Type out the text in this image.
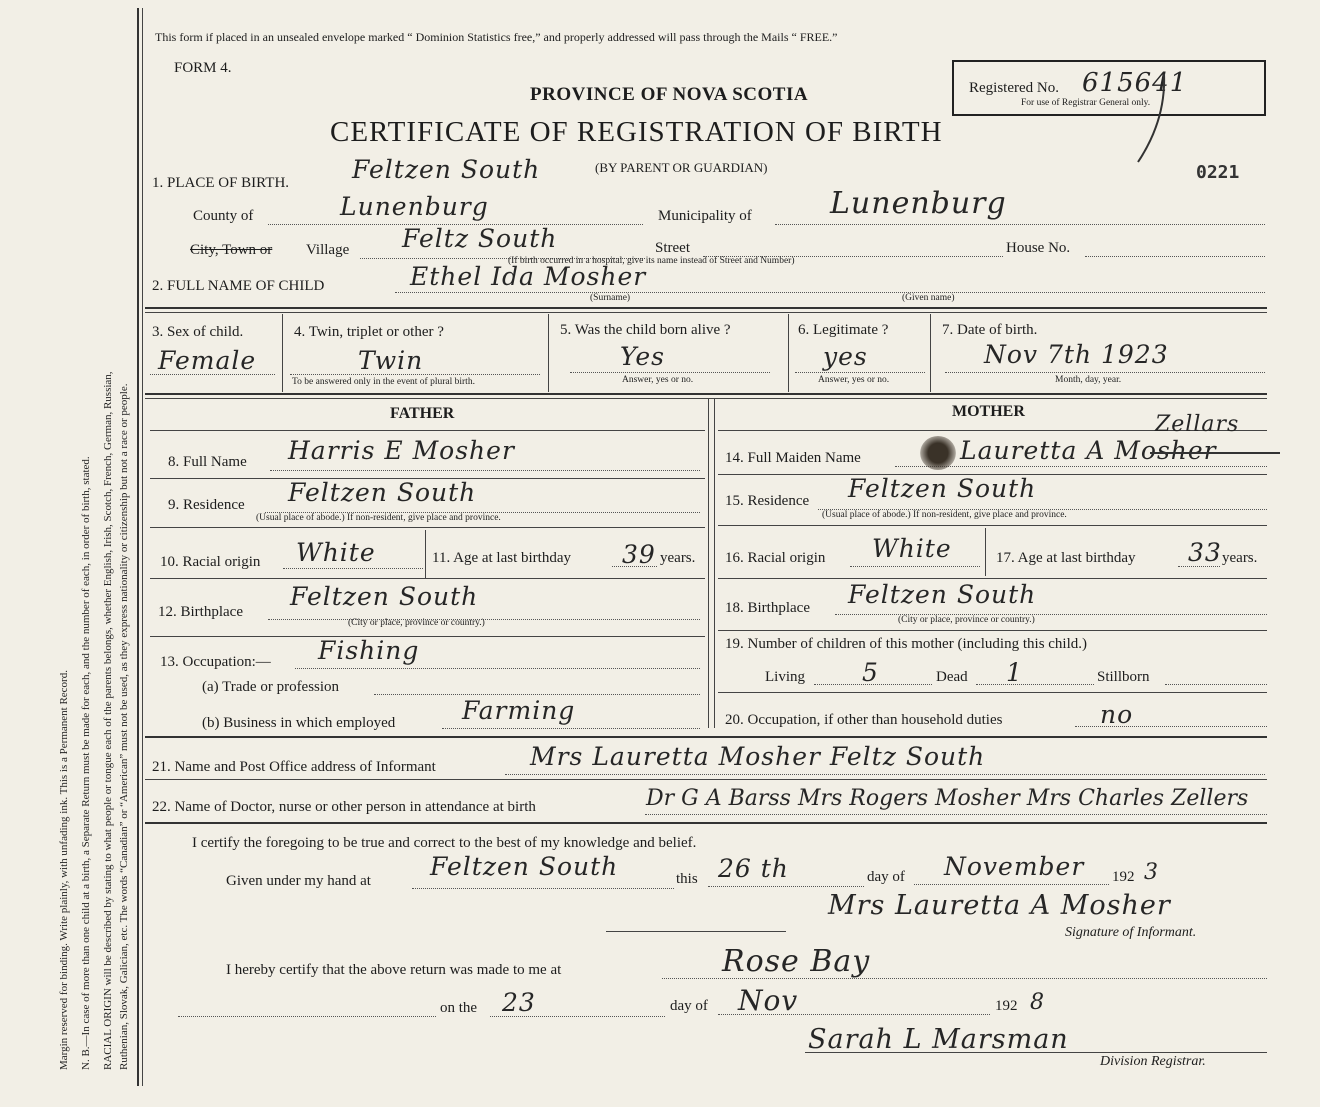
Margin reserved for binding. Write plainly, with unfading ink. This is a Permanent Record. N. B.—In case of more than one child at a birth, a Separate Return must be made for each, and the number of each, in order of birth, stated. RACIAL ORIGIN will be described by stating to what people or tongue each of the parents belongs, whether English, Irish, Scotch, French, German, Russian, Ruthenian, Slovak, Galician, etc. The words “Canadian” or “American” must not be used, as they express nationality or citizenship but not a race or people.
This form if placed in an unsealed envelope marked “ Dominion Statistics free,” and properly addressed will pass through the Mails “ FREE.”
FORM 4.
PROVINCE OF NOVA SCOTIA
CERTIFICATE OF REGISTRATION OF BIRTH
(BY PARENT OR GUARDIAN)
Registered No. 615641
For use of Registrar General only.
0221
1. PLACE OF BIRTH.	Feltzen South
County of	Lunenburg	Municipality of	Lunenburg
City, Town or Village Feltz South	Street	House No.
(If birth occurred in a hospital, give its name instead of Street and Number)
2. FULL NAME OF CHILD	Ethel Ida Mosher
(Surname)	(Given name)
3. Sex of child.
Female
4. Twin, triplet or other ?
Twin
To be answered only in the event of plural birth.
5. Was the child born alive ?
Yes
Answer, yes or no.
6. Legitimate ?
yes
Answer, yes or no.
7. Date of birth.
Nov 7th 1923
Month, day, year.
FATHER	MOTHER
8. Full Name Harris E Mosher
9. Residence Feltzen South
(Usual place of abode.) If non-resident, give place and province.
10. Racial origin White	11. Age at last birthday 39 years.
12. Birthplace
Feltzen South
(City or place, province or country.)
13. Occupation:— Fishing
(a) Trade or profession
(b) Business in which employed	Farming
14. Full Maiden Name	Lauretta A Mosher
Zellars
15. Residence Feltzen South
(Usual place of abode.) If non-resident, give place and province.
16. Racial origin White	17. Age at last birthday 33 years.
18. Birthplace Feltzen South
(City or place, province or country.)
19. Number of children of this mother (including this child.)
Living 5	Dead 1	Stillborn
20. Occupation, if other than household duties	no
21. Name and Post Office address of Informant	Mrs Lauretta Mosher Feltz South
22. Name of Doctor, nurse or other person in attendance at birth	Dr G A Barss Mrs Rogers Mosher Mrs Charles Zellers
I certify the foregoing to be true and correct to the best of my knowledge and belief.
Given under my hand at Feltzen South	this 26 th	day of November 192 3
Mrs Lauretta A Mosher
Signature of Informant.
I hereby certify that the above return was made to me at	Rose Bay
on the 23	day of Nov	192 8
Sarah L Marsman
Division Registrar.
